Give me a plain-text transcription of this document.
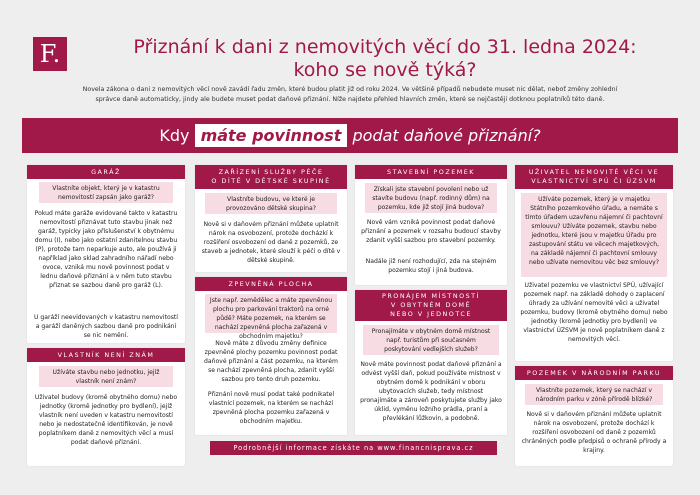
F.	Přiznání k dani z nemovitých věcí do 31. ledna 2024:
koho se nově týká?
Novela zákona o dani z nemovitých věcí nově zavádí řadu změn, které budou platit již od roku 2024. Ve většině případů nebudete muset nic dělat, neboť změny zohlední
správce daně automaticky, jindy ale budete muset podat daňové přiznání. Níže najdete přehled hlavních změn, které se nejčastěji dotknou poplatníků této daně.
Kdy máte povinnost podat daňové přiznání?
GARÁŽ
Vlastníte objekt, který je v katastru nemovitostí zapsán jako garáž?
Pokud máte garáže evidované takto v katastru nemovitostí přiznávat tuto stavbu jinak než garáž, typicky jako příslušenství k obytnému domu (I), nebo jako ostatní zdanitelnou stavbu (P), protože tam neparkuje auto, ale používá ji například jako sklad zahradního nářadí nebo ovoce, vzniká mu nově povinnost podat v lednu daňové přiznání a v něm tuto stavbu přiznat se sazbou daně pro garáž (L).
U garáží neevidovaných v katastru nemovitostí a garáží daněných sazbou daně pro podnikání se nic nemění.
VLASTNÍK NENÍ ZNÁM
Užíváte stavbu nebo jednotku, jejíž vlastník není znám?
Uživatel budovy (kromě obytného domu) nebo jednotky (kromě jednotky pro bydlení), jejíž vlastník není uveden v katastru nemovitostí nebo je nedostatečně identifikován, je nově poplatníkem daně z nemovitých věcí a musí podat daňové přiznání.
ZAŘÍZENÍ SLUŽBY PÉČE
O DÍTĚ V DĚTSKÉ SKUPINĚ
Vlastníte budovu, ve které je provozováno dětské skupina?
Nově si v daňovém přiznání můžete uplatnit nárok na osvobození, protože docházkí k rozšíření osvobození od daně z pozemků, ze staveb a jednotek, které slouží k péči o dítě v dětské skupině.
ZPEVNĚNÁ PLOCHA
Jste např. zemědělec a máte zpevněnou plochu pro parkování traktorů na orné půdě? Máte pozemek, na kterém se nachází zpevněná plocha zařazená v obchodním majetku?
Nově máte z důvodu změny definice zpevněné plochy pozemku povinnost podat daňové přiznání a část pozemku, na kterém se nachází zpevněná plocha, zdanit vyšší sazbou pro tento druh pozemku.
Přiznání nově musí podat také podnikatel vlastnící pozemek, na kterém se nachází zpevněná plocha pozemku zařazená v obchodním majetku.
STAVEBNÍ POZEMEK
Získali jste stavební povolení nebo už stavíte budovu (např. rodinný dům) na pozemku, kde již stojí jiná budova?
Nově vám vzniká povinnost podat daňové přiznání a pozemek v rozsahu budoucí stavby zdanit vyšší sazbou pro stavební pozemky.
Nadále již není rozhodující, zda na stejném pozemku stojí i jiná budova.
PRONÁJEM MÍSTNOSTÍ
V OBYTNÉM DOMĚ
NEBO V JEDNOTCE
Pronajímáte v obytném domě místnost např. turistům při současném poskytování vedlejších služeb?
Nově máte povinnost podat daňové přiznání a odvést vyšší daň, pokud používáte místnost v obytném domě k podnikání v oboru ubytovacích služeb, tedy místnost pronajímáte a zároveň poskytujete služby jako úklid, vyměnu ložního prádla, praní a převlékání lůžkovin, a podobně.
UŽIVATEL NEMOVITÉ VĚCI VE
VLASTNICTVÍ SPÚ ČI ÚZSVM
Užíváte pozemek, který je v majetku Státního pozemkového úřadu, a nemáte s tímto úřadem uzavřenu nájemní či pachtovní smlouvu? Užíváte pozemek, stavbu nebo jednotku, které jsou v majetku Úřadu pro zastupování státu ve věcech majetkových, na základě nájemní či pachtovní smlouvy nebo užívate nemovitou věc bez smlouvy?
Uživatel pozemku ve vlastnictví SPÚ, užívající pozemek např. na základě dohody o zaplacení úhrady za užívání nemovité věci a uživatel pozemku, budovy (kromě obytného domu) nebo jednotky (kromě jednotky pro bydlení) ve vlastnictví ÚZSVM je nově poplatníkem daně z nemovitých věcí.
POZEMEK V NÁRODNÍM PARKU
Vlastníte pozemek, který se nachází v národním parku v zóně přírodě blízké?
Nově si v daňovém přiznání můžete uplatnit nárok na osvobození, protože dochází k rozšíření osvobození od daně z pozemků chráněných podle předpisů o ochraně přírody a krajiny.
Podrobnější informace získáte na www.financnisprava.cz
